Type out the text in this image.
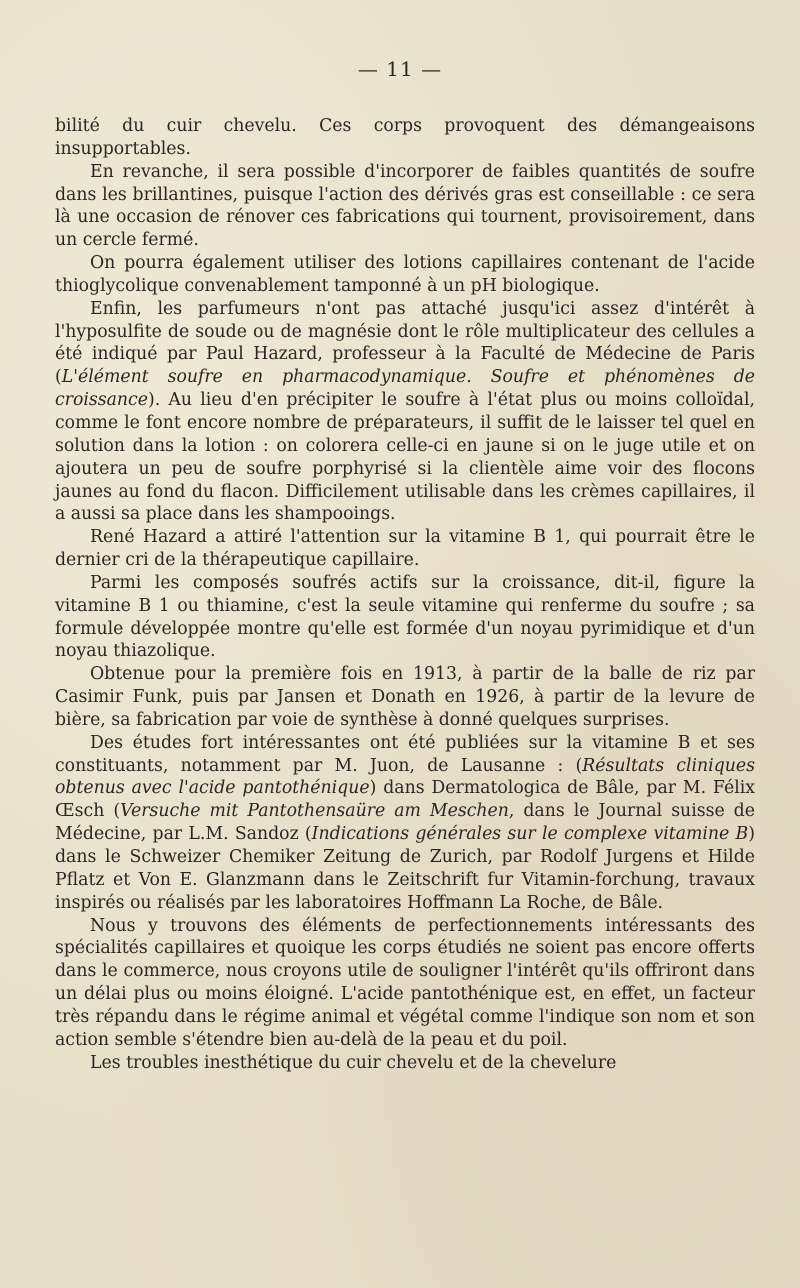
— 11 —

bilité du cuir chevelu. Ces corps provoquent des démangeaisons insupportables.

En revanche, il sera possible d'incorporer de faibles quantités de soufre dans les brillantines, puisque l'action des dérivés gras est conseillable : ce sera là une occasion de rénover ces fabrications qui tournent, provisoirement, dans un cercle fermé.

On pourra également utiliser des lotions capillaires contenant de l'acide thioglycolique convenablement tamponné à un pH biologique.

Enfin, les parfumeurs n'ont pas attaché jusqu'ici assez d'intérêt à l'hyposulfite de soude ou de magnésie dont le rôle multiplicateur des cellules a été indiqué par Paul Hazard, professeur à la Faculté de Médecine de Paris (L'élément soufre en pharmacodynamique. Soufre et phénomènes de croissance). Au lieu d'en précipiter le soufre à l'état plus ou moins colloïdal, comme le font encore nombre de préparateurs, il suffit de le laisser tel quel en solution dans la lotion : on colorera celle-ci en jaune si on le juge utile et on ajoutera un peu de soufre porphyrisé si la clientèle aime voir des flocons jaunes au fond du flacon. Difficilement utilisable dans les crèmes capillaires, il a aussi sa place dans les shampooings.

René Hazard a attiré l'attention sur la vitamine B 1, qui pourrait être le dernier cri de la thérapeutique capillaire.

Parmi les composés soufrés actifs sur la croissance, dit-il, figure la vitamine B 1 ou thiamine, c'est la seule vitamine qui renferme du soufre ; sa formule développée montre qu'elle est formée d'un noyau pyrimidique et d'un noyau thiazolique.

Obtenue pour la première fois en 1913, à partir de la balle de riz par Casimir Funk, puis par Jansen et Donath en 1926, à partir de la levure de bière, sa fabrication par voie de synthèse à donné quelques surprises.

Des études fort intéressantes ont été publiées sur la vitamine B et ses constituants, notamment par M. Juon, de Lausanne : (Résultats cliniques obtenus avec l'acide pantothénique) dans Dermatologica de Bâle, par M. Félix Œsch (Versuche mit Pantothensaüre am Meschen, dans le Journal suisse de Médecine, par L.M. Sandoz (Indications générales sur le complexe vitamine B) dans le Schweizer Chemiker Zeitung de Zurich, par Rodolf Jurgens et Hilde Pflatz et Von E. Glanzmann dans le Zeitschrift fur Vitamin-forchung, travaux inspirés ou réalisés par les laboratoires Hoffmann La Roche, de Bâle.

Nous y trouvons des éléments de perfectionnements intéressants des spécialités capillaires et quoique les corps étudiés ne soient pas encore offerts dans le commerce, nous croyons utile de souligner l'intérêt qu'ils offriront dans un délai plus ou moins éloigné. L'acide pantothénique est, en effet, un facteur très répandu dans le régime animal et végétal comme l'indique son nom et son action semble s'étendre bien au-delà de la peau et du poil.

Les troubles inesthétique du cuir chevelu et de la chevelure
